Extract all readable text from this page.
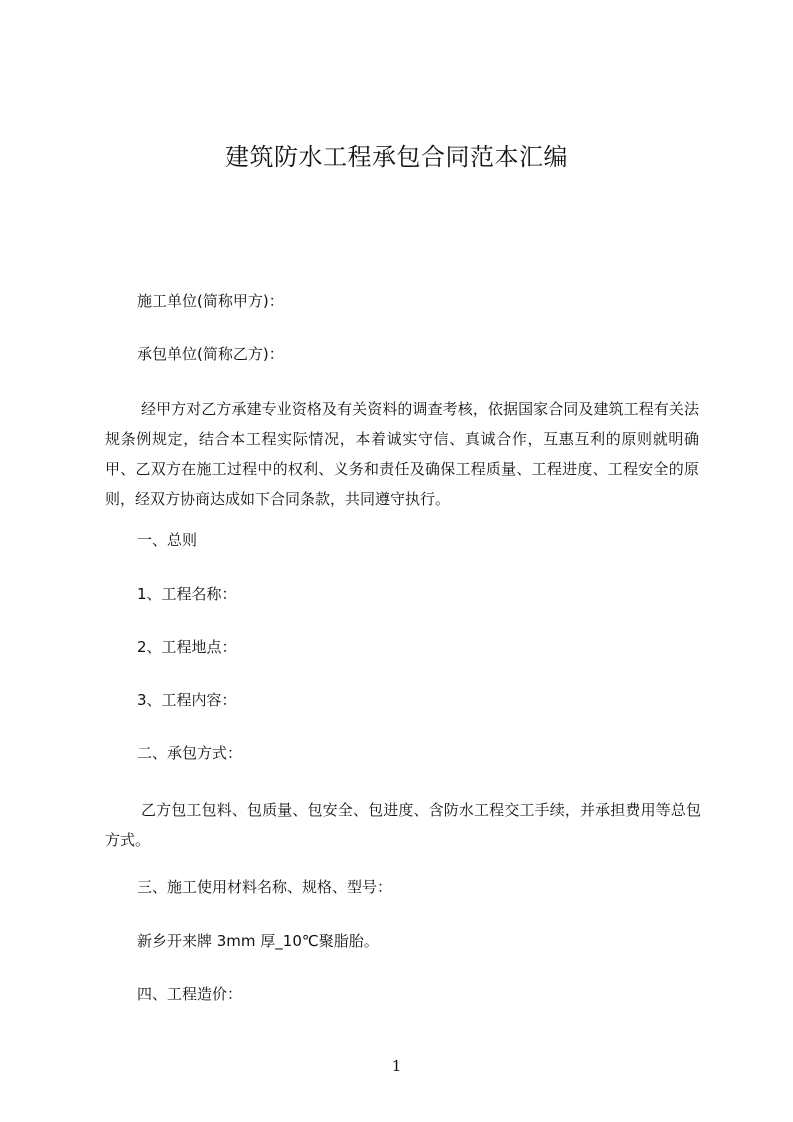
建筑防水工程承包合同范本汇编

施工单位(简称甲方)：

承包单位(简称乙方)：

经甲方对乙方承建专业资格及有关资料的调查考核，依据国家合同及建筑工程有关法规条例规定，结合本工程实际情况，本着诚实守信、真诚合作，互惠互利的原则就明确甲、乙双方在施工过程中的权利、义务和责任及确保工程质量、工程进度、工程安全的原则，经双方协商达成如下合同条款，共同遵守执行。

一、总则

1、工程名称：

2、工程地点：

3、工程内容：

二、承包方式：

乙方包工包料、包质量、包安全、包进度、含防水工程交工手续，并承担费用等总包方式。

三、施工使用材料名称、规格、型号：

新乡开来牌 3mm 厚_10℃聚脂胎。

四、工程造价：

1
